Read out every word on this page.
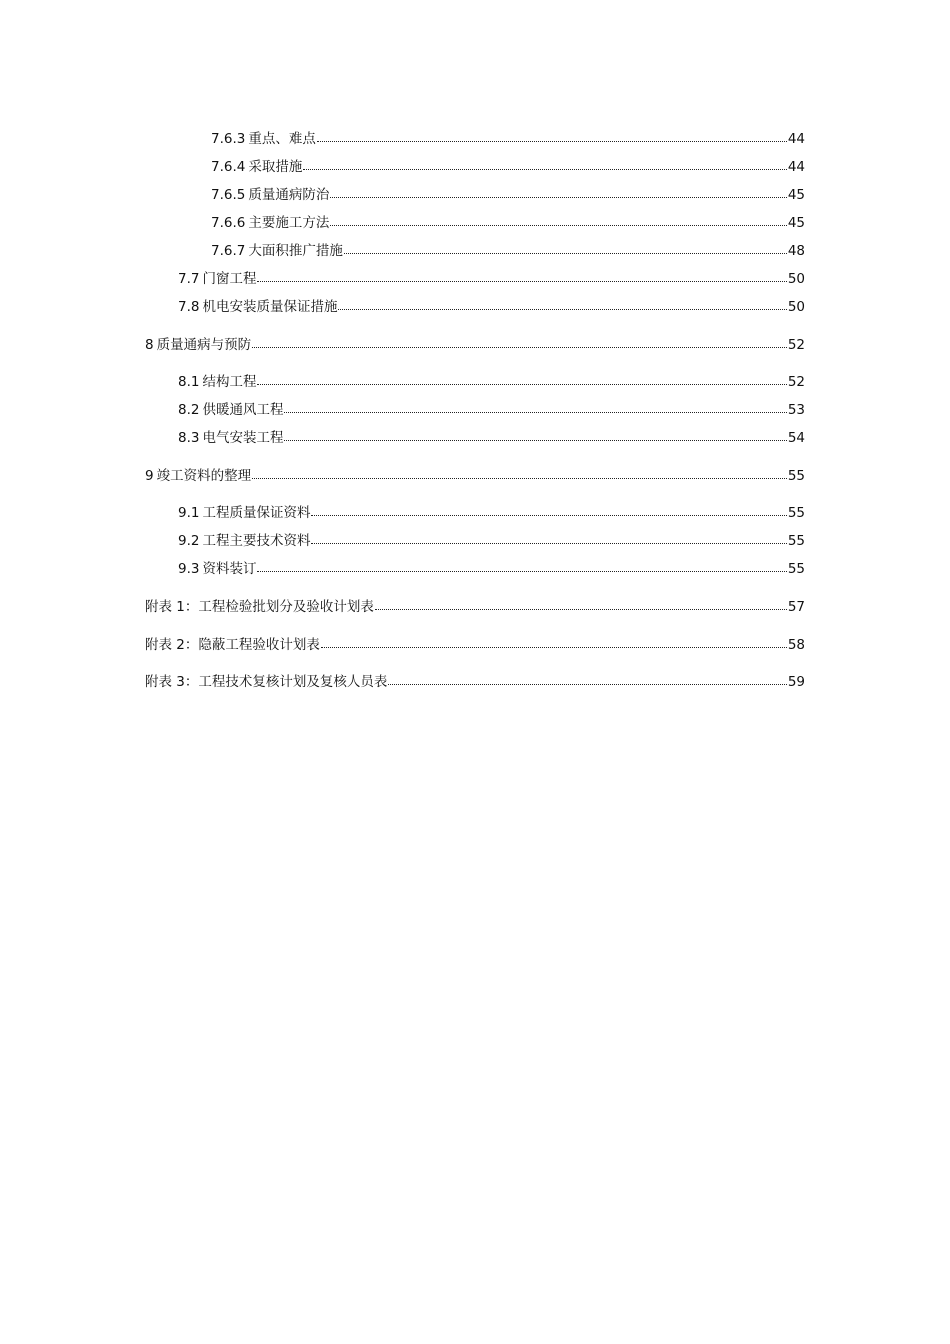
7.6.3 重点、难点	44
7.6.4 采取措施	44
7.6.5 质量通病防治	45
7.6.6 主要施工方法	45
7.6.7 大面积推广措施	48
7.7 门窗工程	50
7.8 机电安装质量保证措施	50
8 质量通病与预防	52
8.1 结构工程	52
8.2 供暖通风工程	53
8.3 电气安装工程	54
9 竣工资料的整理	55
9.1 工程质量保证资料	55
9.2 工程主要技术资料	55
9.3 资料装订	55
附表 1： 工程检验批划分及验收计划表	57
附表 2： 隐蔽工程验收计划表	58
附表 3： 工程技术复核计划及复核人员表	59
